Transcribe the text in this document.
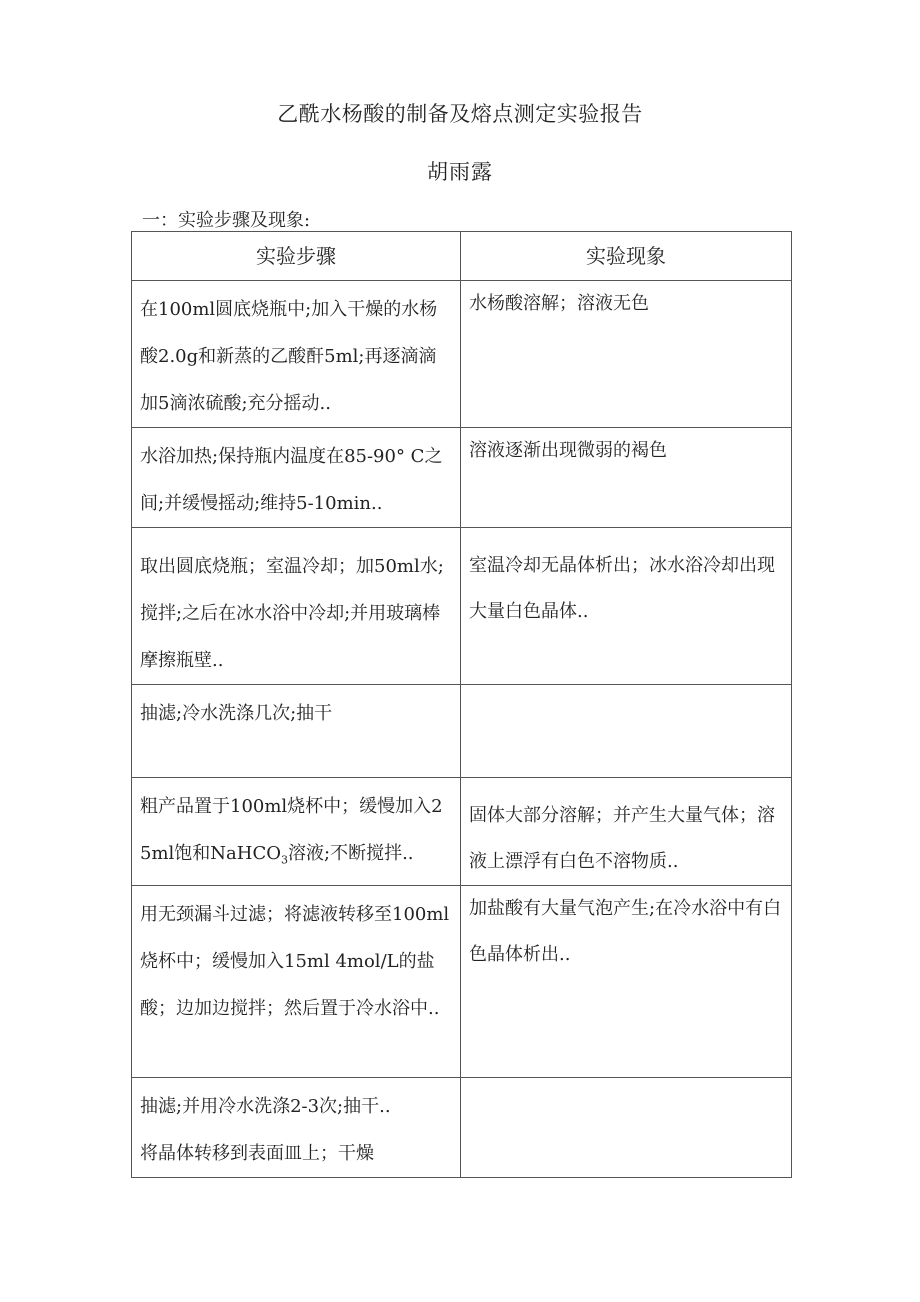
乙酰水杨酸的制备及熔点测定实验报告
胡雨露
一：实验步骤及现象:
实验步骤	实验现象

在100ml圆底烧瓶中;加入干燥的水杨酸2.0g和新蒸的乙酸酐5ml;再逐滴滴加5滴浓硫酸;充分摇动..	水杨酸溶解；溶液无色

水浴加热;保持瓶内温度在85-90° C之间;并缓慢摇动;维持5-10min..	溶液逐渐出现微弱的褐色

取出圆底烧瓶；室温冷却；加50ml水;搅拌;之后在冰水浴中冷却;并用玻璃棒摩擦瓶壁..	室温冷却无晶体析出；冰水浴冷却出现大量白色晶体..

抽滤;冷水洗涤几次;抽干	

粗产品置于100ml烧杯中；缓慢加入25ml饱和NaHCO$_3$溶液;不断搅拌..	固体大部分溶解；并产生大量气体；溶液上漂浮有白色不溶物质..

用无颈漏斗过滤；将滤液转移至100ml烧杯中；缓慢加入15ml 4mol/L的盐酸；边加边搅拌；然后置于冷水浴中..	加盐酸有大量气泡产生;在冷水浴中有白色晶体析出..

抽滤;并用冷水洗涤2-3次;抽干..
将晶体转移到表面皿上；干燥	
